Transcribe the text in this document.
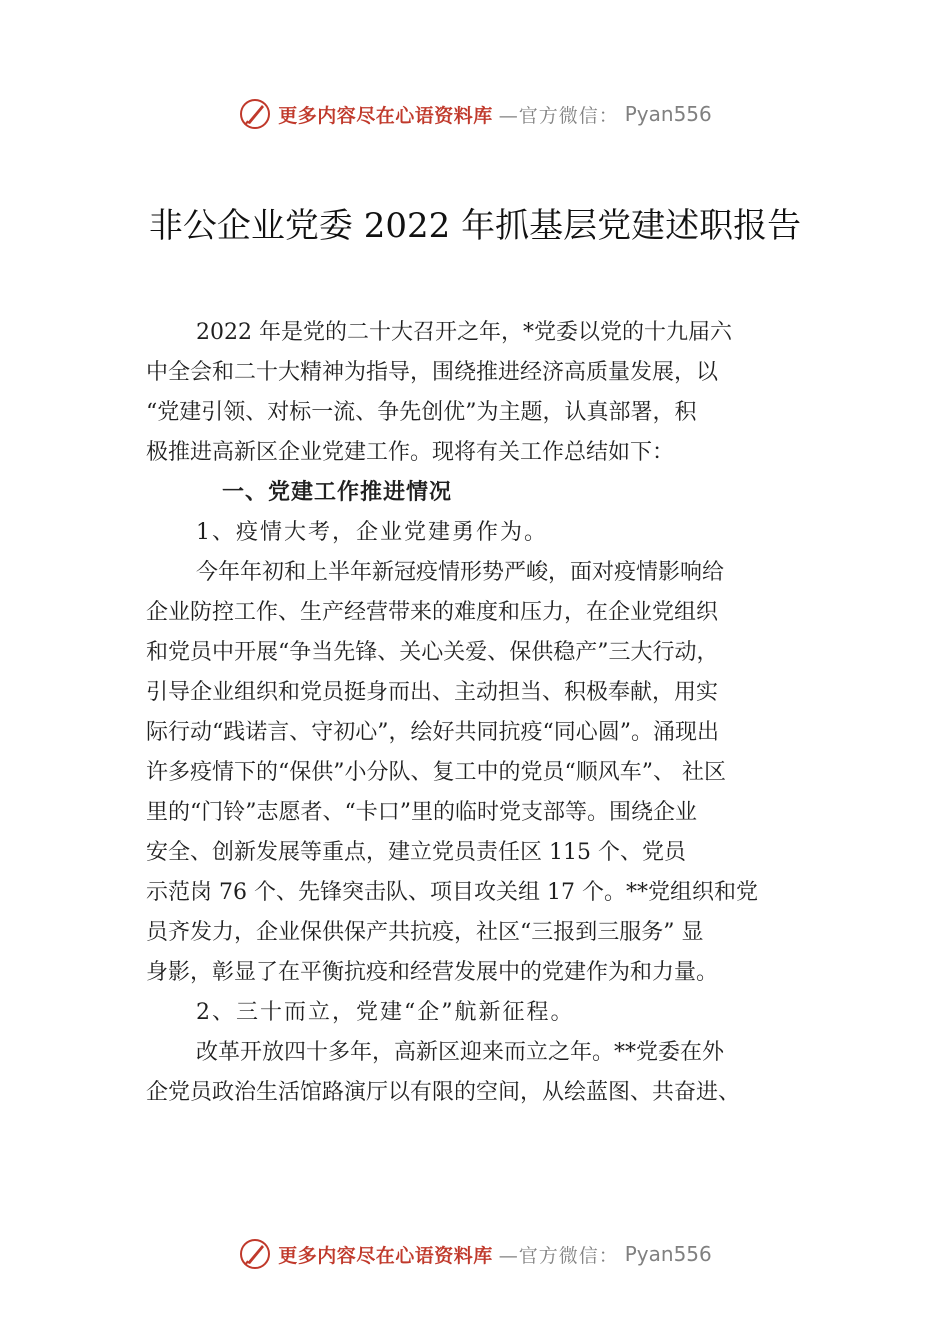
更多内容尽在心语资料库 —官方微信： Pyan556
非公企业党委 2022 年抓基层党建述职报告
2022 年是党的二十大召开之年，*党委以党的十九届六
中全会和二十大精神为指导，围绕推进经济高质量发展，以
“党建引领、对标一流、争先创优”为主题，认真部署，积
极推进高新区企业党建工作。现将有关工作总结如下：
一、党建工作推进情况
1、疫情大考，企业党建勇作为。
今年年初和上半年新冠疫情形势严峻，面对疫情影响给
企业防控工作、生产经营带来的难度和压力，在企业党组织
和党员中开展“争当先锋、关心关爱、保供稳产”三大行动，
引导企业组织和党员挺身而出、主动担当、积极奉献，用实
际行动“践诺言、守初心”，绘好共同抗疫“同心圆”。涌现出
许多疫情下的“保供”小分队、复工中的党员“顺风车”、 社区
里的“门铃”志愿者、“卡口”里的临时党支部等。围绕企业
安全、创新发展等重点，建立党员责任区 115 个、党员
示范岗 76 个、先锋突击队、项目攻关组 17 个。**党组织和党
员齐发力，企业保供保产共抗疫，社区“三报到三服务” 显
身影，彰显了在平衡抗疫和经营发展中的党建作为和力量。
2、三十而立，党建“企”航新征程。
改革开放四十多年，高新区迎来而立之年。**党委在外
企党员政治生活馆路演厅以有限的空间，从绘蓝图、共奋进、
更多内容尽在心语资料库 —官方微信： Pyan556
